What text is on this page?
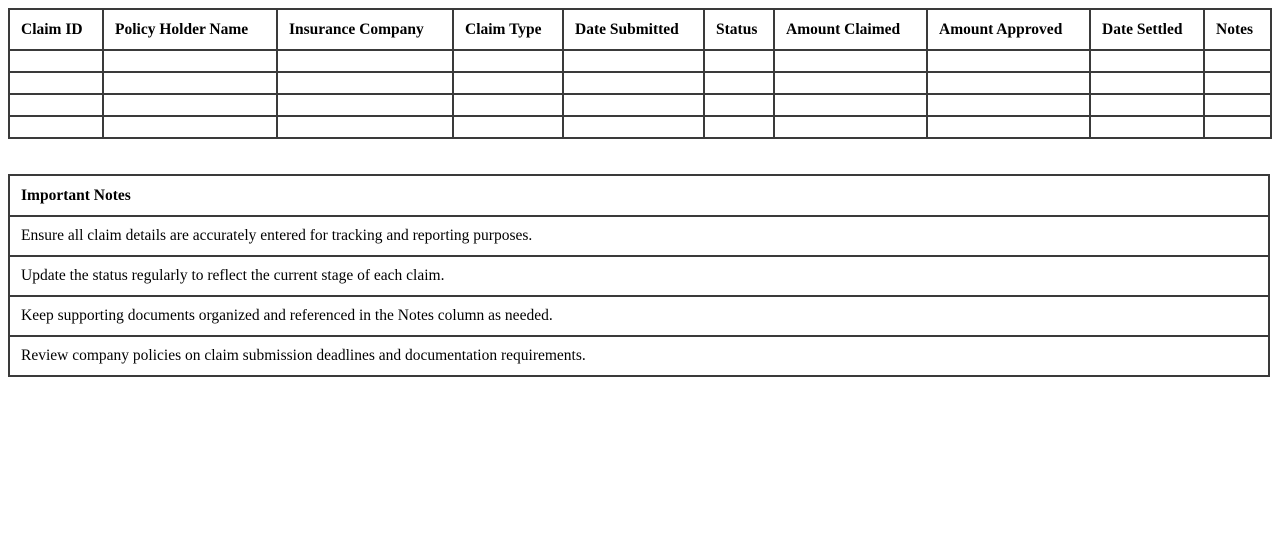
Claim ID	Policy Holder Name	Insurance Company	Claim Type	Date Submitted	Status	Amount Claimed	Amount Approved	Date Settled	Notes

Important Notes
Ensure all claim details are accurately entered for tracking and reporting purposes.
Update the status regularly to reflect the current stage of each claim.
Keep supporting documents organized and referenced in the Notes column as needed.
Review company policies on claim submission deadlines and documentation requirements.
